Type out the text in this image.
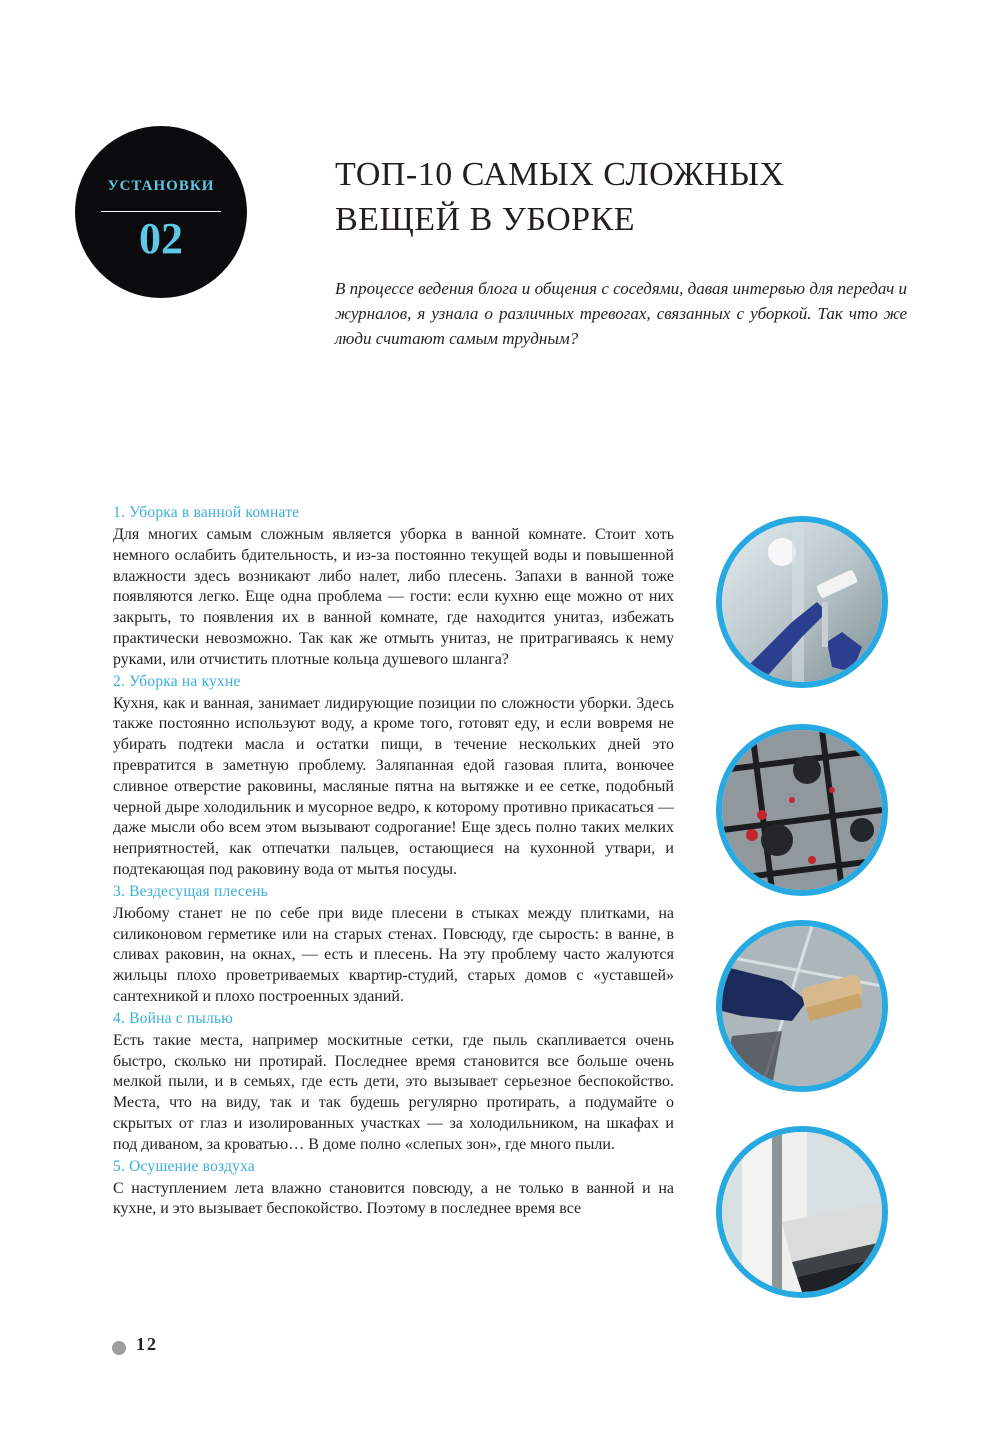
УСТАНОВКИ
02
ТОП-10 САМЫХ СЛОЖНЫХ ВЕЩЕЙ В УБОРКЕ

В процессе ведения блога и общения с соседями, давая интервью для передач и журналов, я узнала о различных тревогах, связанных с уборкой. Так что же люди считают самым трудным?

1. Уборка в ванной комнате

Для многих самым сложным является уборка в ванной комнате. Стоит хоть немного ослабить бдительность, и из-за постоянно текущей воды и повышенной влажности здесь возникают либо налет, либо плесень. Запахи в ванной тоже появляются легко. Еще одна проблема — гости: если кухню еще можно от них закрыть, то появления их в ванной комнате, где находится унитаз, избежать практически невозможно. Так как же отмыть унитаз, не притрагиваясь к нему руками, или отчистить плотные кольца душевого шланга?

2. Уборка на кухне

Кухня, как и ванная, занимает лидирующие позиции по сложности уборки. Здесь также постоянно используют воду, а кроме того, готовят еду, и если вовремя не убирать подтеки масла и остатки пищи, в течение нескольких дней это превратится в заметную проблему. Заляпанная едой газовая плита, вонючее сливное отверстие раковины, масляные пятна на вытяжке и ее сетке, подобный черной дыре холодильник и мусорное ведро, к которому противно прикасаться — даже мысли обо всем этом вызывают содрогание! Еще здесь полно таких мелких неприятностей, как отпечатки пальцев, остающиеся на кухонной утвари, и подтекающая под раковину вода от мытья посуды.

3. Вездесущая плесень

Любому станет не по себе при виде плесени в стыках между плитками, на силиконовом герметике или на старых стенах. Повсюду, где сырость: в ванне, в сливах раковин, на окнах, — есть и плесень. На эту проблему часто жалуются жильцы плохо проветриваемых квартир-студий, старых домов с «уставшей» сантехникой и плохо построенных зданий.

4. Война с пылью

Есть такие места, например москитные сетки, где пыль скапливается очень быстро, сколько ни протирай. Последнее время становится все больше очень мелкой пыли, и в семьях, где есть дети, это вызывает серьезное беспокойство. Места, что на виду, так и так будешь регулярно протирать, а подумайте о скрытых от глаз и изолированных участках — за холодильником, на шкафах и под диваном, за кроватью… В доме полно «слепых зон», где много пыли.

5. Осушение воздуха

С наступлением лета влажно становится повсюду, а не только в ванной и на кухне, и это вызывает беспокойство. Поэтому в последнее время все

12
